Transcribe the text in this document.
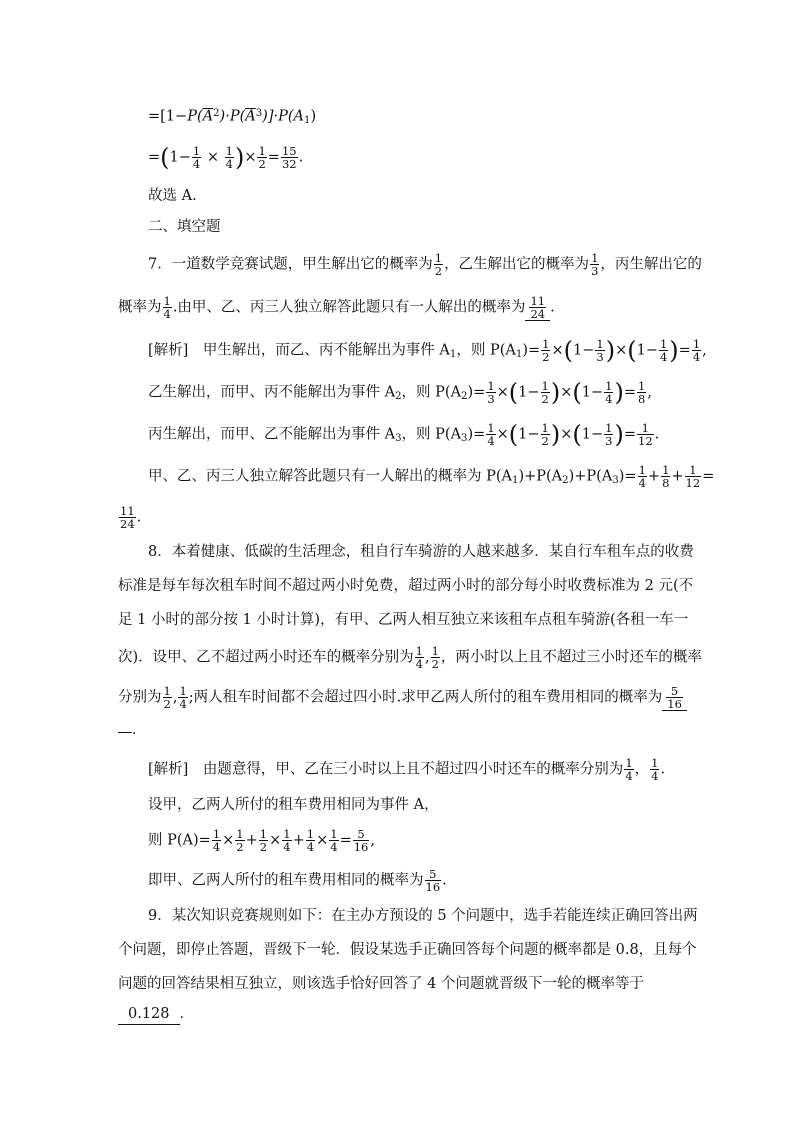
$=[1-P(\overline{A}^2)\cdot P(\overline{A}^3)]\cdot P(A_1)$
$=(1- \frac{1}{4} \times \frac{1}{4}$ )× $\frac{1}{2} = \frac{15}{32}$ .
故选 A.
二、填空题
7．一道数学竞赛试题，甲生解出它的概率为 $\frac{1}{2}$ ，乙生解出它的概率为 $\frac{1}{3}$ ，丙生解出它的
概率为 $\frac{1}{4}$ .由甲、乙、丙三人独立解答此题只有一人解出的概率为 $\frac{11}{24}$ .
[解析]　甲生解出，而乙、丙不能解出为事件 $A_1$，则 $P(A_1)= \frac{1}{2} \times(1- \frac{1}{3} )\times(1- \frac{1}{4}$ )= $\frac{1}{4}$ ,
乙生解出，而甲、丙不能解出为事件 $A_2$，则 $P(A_2)= \frac{1}{3} \times(1- \frac{1}{2} )\times(1- \frac{1}{4}$ )= $\frac{1}{8}$ ,
丙生解出，而甲、乙不能解出为事件 $A_3$，则 $P(A_3)= \frac{1}{4} \times(1- \frac{1}{2} )\times(1- \frac{1}{3}$ )= $\frac{1}{12}$ .
甲、乙、丙三人独立解答此题只有一人解出的概率为 $P(A_1)+P(A_2)+P(A_3)= \frac{1}{4} + \frac{1}{8} + \frac{1}{12}$ =
$\frac{11}{24}$ .
8．本着健康、低碳的生活理念，租自行车骑游的人越来越多．某自行车租车点的收费
标准是每车每次租车时间不超过两小时免费，超过两小时的部分每小时收费标准为 2 元(不
足 1 小时的部分按 1 小时计算)，有甲、乙两人相互独立来该租车点租车骑游(各租一车一
次)．设甲、乙不超过两小时还车的概率分别为 $\frac{1}{4}$ , $\frac{1}{2}$ ，两小时以上且不超过三小时还车的概率
分别为 $\frac{1}{2}$ , $\frac{1}{4}$ ;两人租车时间都不会超过四小时.求甲乙两人所付的租车费用相同的概率为 $\frac{5}{16}$
．
[解析]　由题意得，甲、乙在三小时以上且不超过四小时还车的概率分别为 $\frac{1}{4}$ ， $\frac{1}{4}$ .
设甲，乙两人所付的租车费用相同为事件 A，
则 $P(A)= \frac{1}{4} \times \frac{1}{2} + \frac{1}{2} \times \frac{1}{4} + \frac{1}{4} \times \frac{1}{4} = \frac{5}{16}$ ,
即甲、乙两人所付的租车费用相同的概率为 $\frac{5}{16}$ .
9．某次知识竞赛规则如下：在主办方预设的 5 个问题中，选手若能连续正确回答出两
个问题，即停止答题，晋级下一轮．假设某选手正确回答每个问题的概率都是 0.8，且每个
问题的回答结果相互独立，则该选手恰好回答了 4 个问题就晋级下一轮的概率等于
0.128 ．
